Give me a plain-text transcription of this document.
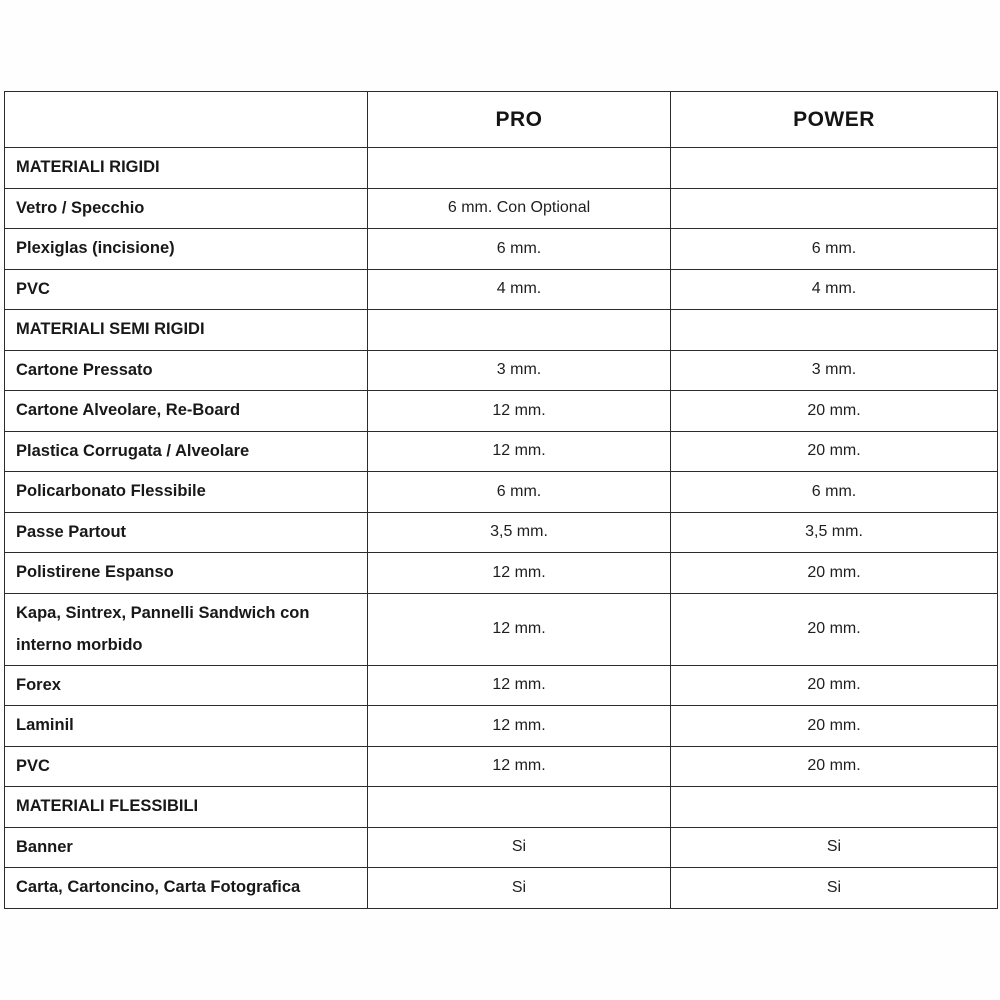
	PRO	POWER
MATERIALI RIGIDI		
Vetro / Specchio	6 mm. Con Optional	
Plexiglas (incisione)	6 mm.	6 mm.
PVC	4 mm.	4 mm.
MATERIALI SEMI RIGIDI		
Cartone Pressato	3 mm.	3 mm.
Cartone Alveolare, Re-Board	12 mm.	20 mm.
Plastica Corrugata / Alveolare	12 mm.	20 mm.
Policarbonato Flessibile	6 mm.	6 mm.
Passe Partout	3,5 mm.	3,5 mm.
Polistirene Espanso	12 mm.	20 mm.
Kapa, Sintrex, Pannelli Sandwich con interno morbido	12 mm.	20 mm.
Forex	12 mm.	20 mm.
Laminil	12 mm.	20 mm.
PVC	12 mm.	20 mm.
MATERIALI FLESSIBILI		
Banner	Si	Si
Carta, Cartoncino, Carta Fotografica	Si	Si
